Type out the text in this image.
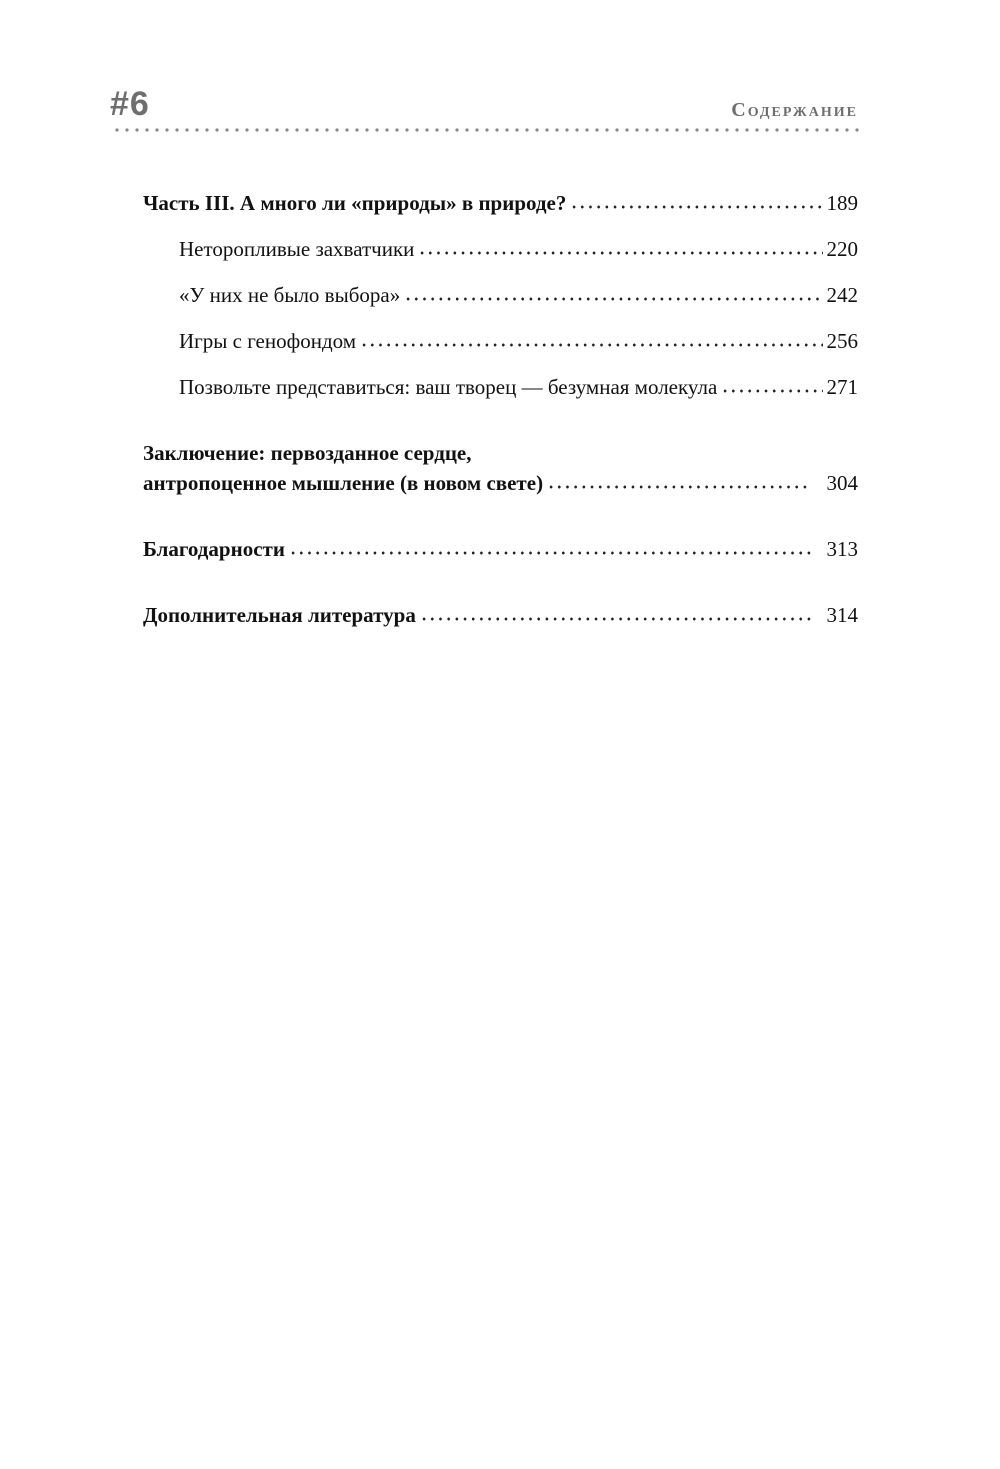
#6	Содержание
Часть III. А много ли «природы» в природе?	189
Неторопливые захватчики	220
«У них не было выбора»	242
Игры с генофондом	256
Позвольте представиться: ваш творец — безумная молекула	271
Заключение: первозданное сердце,
антропоценное мышление (в новом свете)	304
Благодарности	313
Дополнительная литература	314
